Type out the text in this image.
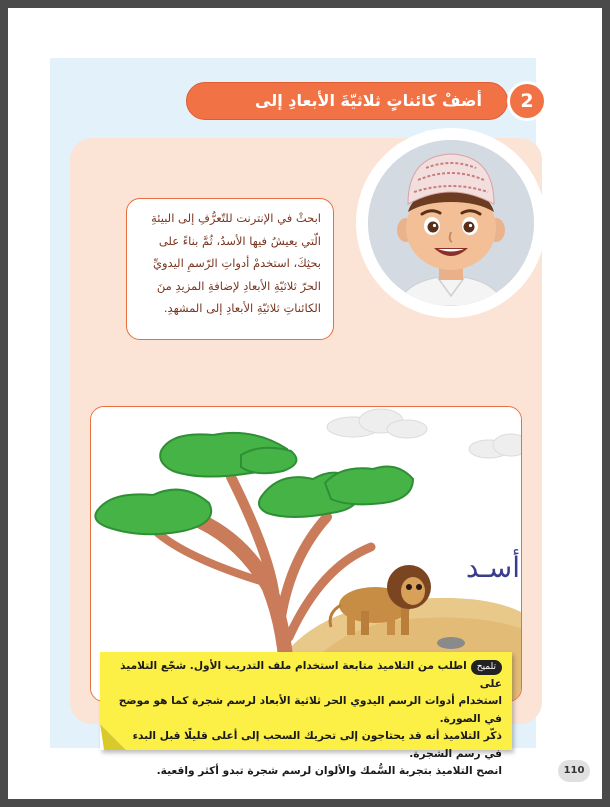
أضفْ كائناتٍ ثلاثيّةَ الأبعادِ إلى	2
ابحثْ في الإنترنت للتّعرُّفِ إلى البيئةِ
الّتي يعيشُ فيها الأسدُ، ثُمَّ بناءً على
بحثِكَ، استخدمْ أدواتِ الرّسمِ اليدويِّ
الحرّ ثلاثيّةِ الأبعادِ لإضافةِ المزيدِ منَ
الكائناتِ ثلاثيّةِ الأبعادِ إلى المشهدِ.
أسـد
تلميحاطلب من التلاميذ متابعة استخدام ملف التدريب الأول. شجّع التلاميذ على
استخدام أدوات الرسم اليدوي الحر ثلاثية الأبعاد لرسم شجرة كما هو موضح في الصورة.
ذكّر التلاميذ أنه قد يحتاجون إلى تحريك السحب إلى أعلى قليلًا قبل البدء في رسم الشجرة.
انصح التلاميذ بتجربة السُّمك والألوان لرسم شجرة تبدو أكثر واقعية.	110
